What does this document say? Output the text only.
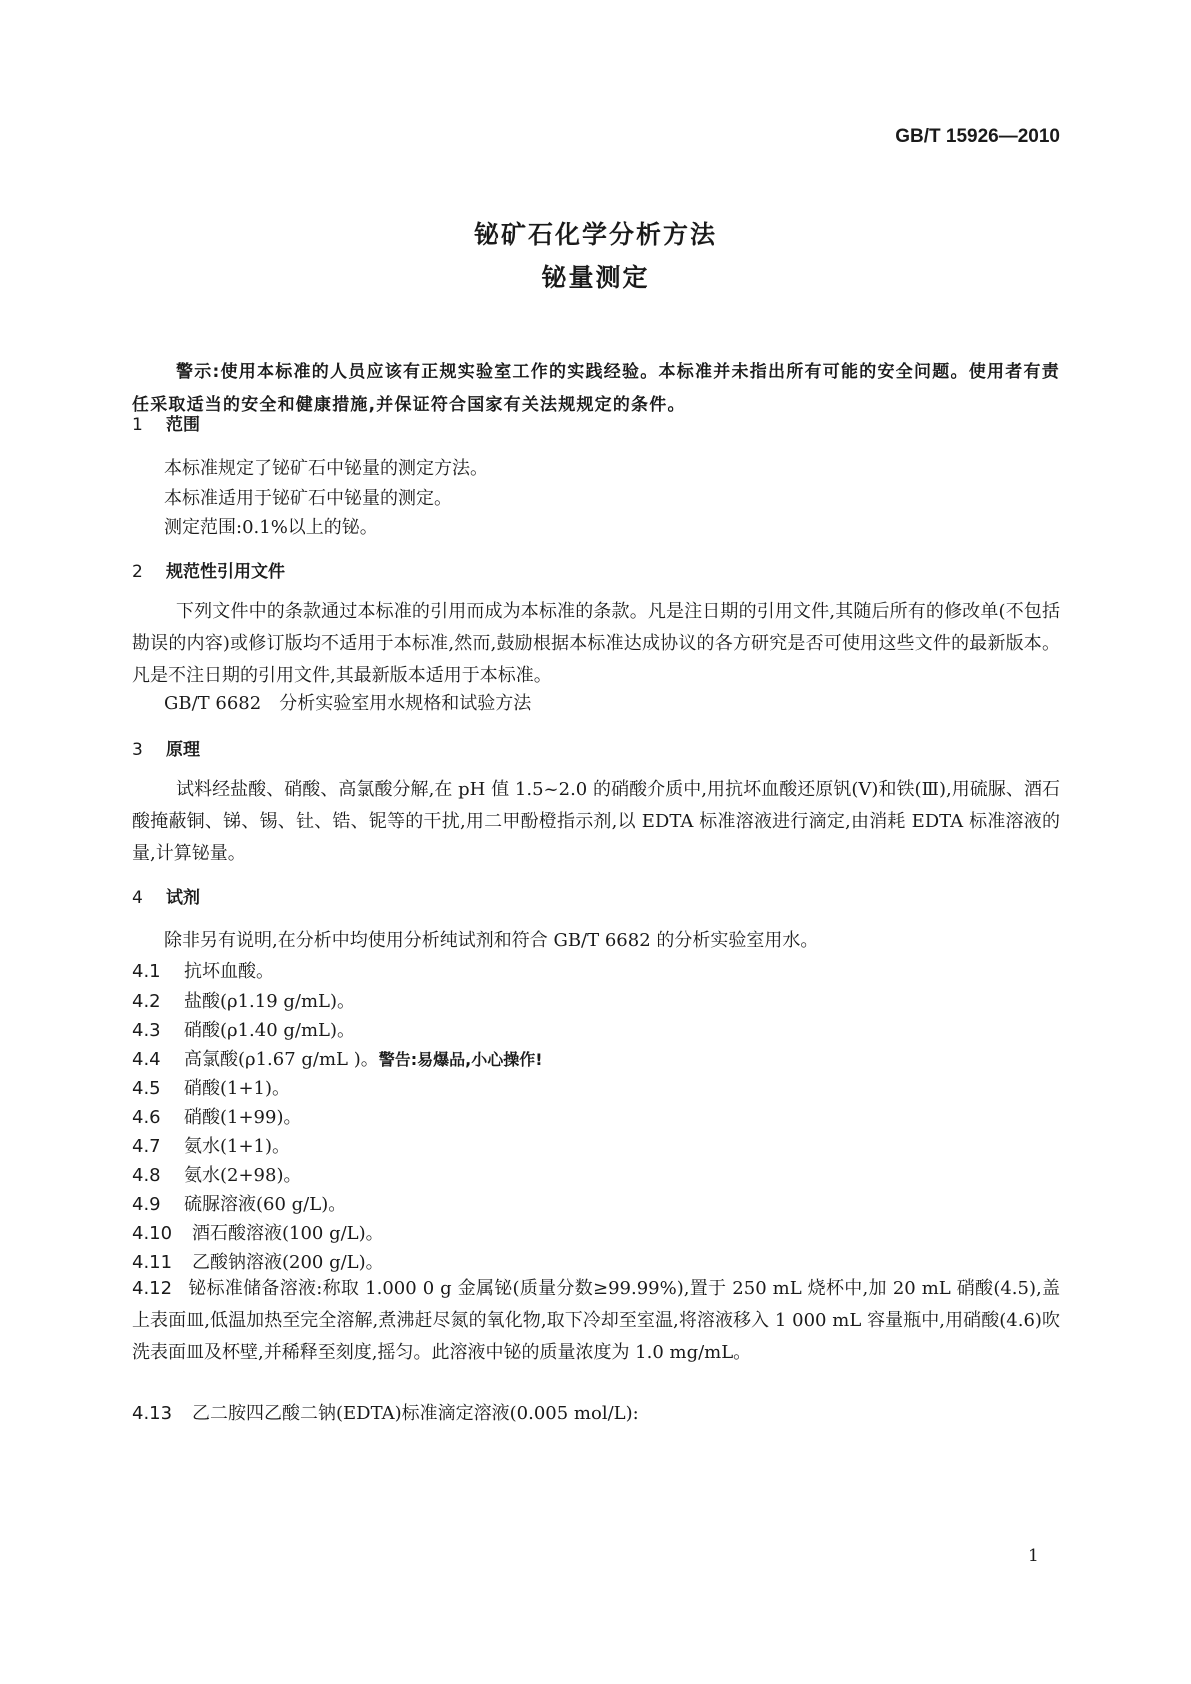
GB/T 15926—2010
铋矿石化学分析方法
铋量测定
警示:使用本标准的人员应该有正规实验室工作的实践经验。本标准并未指出所有可能的安全问题。使用者有责任采取适当的安全和健康措施,并保证符合国家有关法规规定的条件。
1 范围
本标准规定了铋矿石中铋量的测定方法。
本标准适用于铋矿石中铋量的测定。
测定范围:0.1%以上的铋。
2 规范性引用文件
下列文件中的条款通过本标准的引用而成为本标准的条款。凡是注日期的引用文件,其随后所有的修改单(不包括勘误的内容)或修订版均不适用于本标准,然而,鼓励根据本标准达成协议的各方研究是否可使用这些文件的最新版本。凡是不注日期的引用文件,其最新版本适用于本标准。
GB/T 6682　分析实验室用水规格和试验方法
3 原理
试料经盐酸、硝酸、高氯酸分解,在 pH 值 1.5~2.0 的硝酸介质中,用抗坏血酸还原钒(V)和铁(Ⅲ),用硫脲、酒石酸掩蔽铜、锑、锡、钍、锆、铌等的干扰,用二甲酚橙指示剂,以 EDTA 标准溶液进行滴定,由消耗 EDTA 标准溶液的量,计算铋量。
4 试剂
除非另有说明,在分析中均使用分析纯试剂和符合 GB/T 6682 的分析实验室用水。
4.1 抗坏血酸。
4.2 盐酸(ρ1.19 g/mL)。
4.3 硝酸(ρ1.40 g/mL)。
4.4 高氯酸(ρ1.67 g/mL )。警告:易爆品,小心操作!
4.5 硝酸(1+1)。
4.6 硝酸(1+99)。
4.7 氨水(1+1)。
4.8 氨水(2+98)。
4.9 硫脲溶液(60 g/L)。
4.10 酒石酸溶液(100 g/L)。
4.11 乙酸钠溶液(200 g/L)。
4.12 铋标准储备溶液:称取 1.000 0 g 金属铋(质量分数≥99.99%),置于 250 mL 烧杯中,加 20 mL 硝酸(4.5),盖上表面皿,低温加热至完全溶解,煮沸赶尽氮的氧化物,取下冷却至室温,将溶液移入 1 000 mL 容量瓶中,用硝酸(4.6)吹洗表面皿及杯壁,并稀释至刻度,摇匀。此溶液中铋的质量浓度为 1.0 mg/mL。
4.13 乙二胺四乙酸二钠(EDTA)标准滴定溶液(0.005 mol/L):
1
